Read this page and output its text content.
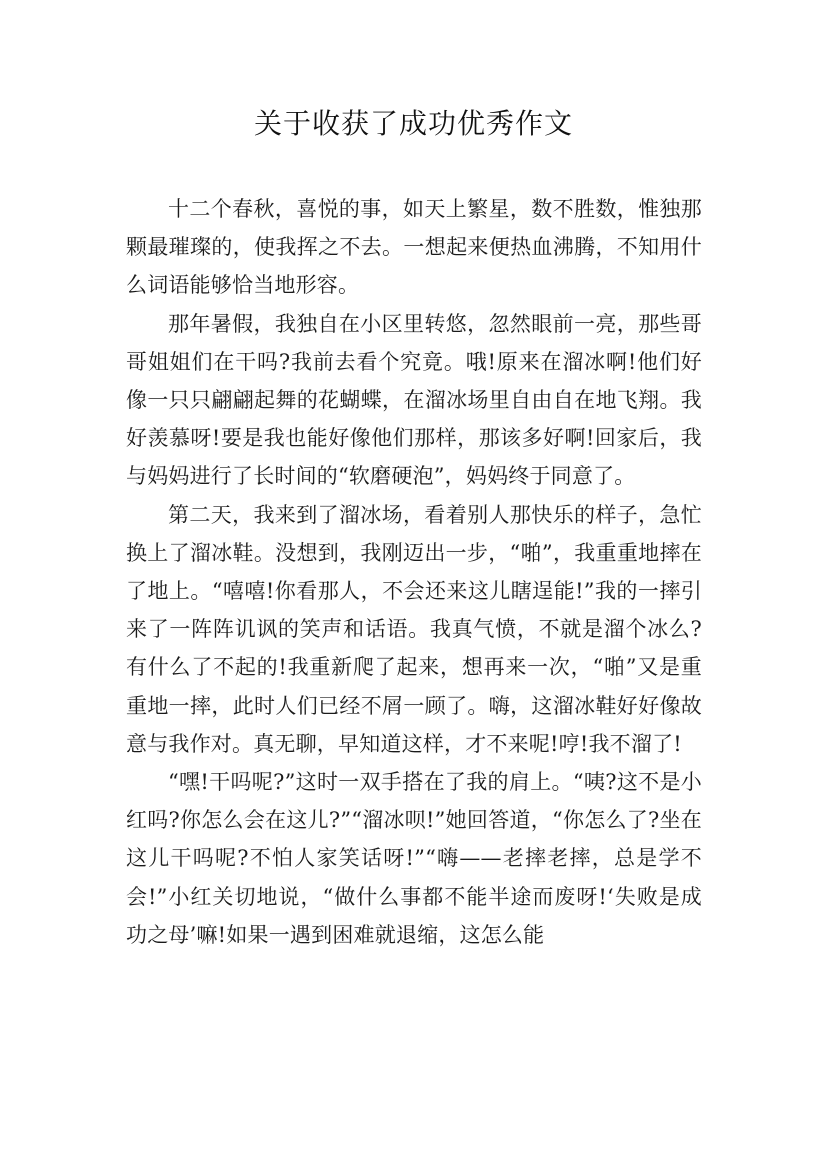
关于收获了成功优秀作文

十二个春秋，喜悦的事，如天上繁星，数不胜数，惟独那颗最璀璨的，使我挥之不去。一想起来便热血沸腾，不知用什么词语能够恰当地形容。

那年暑假，我独自在小区里转悠，忽然眼前一亮，那些哥哥姐姐们在干吗?我前去看个究竟。哦!原来在溜冰啊!他们好像一只只翩翩起舞的花蝴蝶，在溜冰场里自由自在地飞翔。我好羡慕呀!要是我也能好像他们那样，那该多好啊!回家后，我与妈妈进行了长时间的“软磨硬泡”，妈妈终于同意了。

第二天，我来到了溜冰场，看着别人那快乐的样子，急忙换上了溜冰鞋。没想到，我刚迈出一步，“啪”，我重重地摔在了地上。“嘻嘻!你看那人，不会还来这儿瞎逞能!”我的一摔引来了一阵阵讥讽的笑声和话语。我真气愤，不就是溜个冰么?有什么了不起的!我重新爬了起来，想再来一次，“啪”又是重重地一摔，此时人们已经不屑一顾了。嗨，这溜冰鞋好好像故意与我作对。真无聊，早知道这样，才不来呢!哼!我不溜了!

“嘿!干吗呢?”这时一双手搭在了我的肩上。“咦?这不是小红吗?你怎么会在这儿?”“溜冰呗!”她回答道，“你怎么了?坐在这儿干吗呢?不怕人家笑话呀!”“嗨——老摔老摔，总是学不会!”小红关切地说，“做什么事都不能半途而废呀!‘失败是成功之母’嘛!如果一遇到困难就退缩，这怎么能
